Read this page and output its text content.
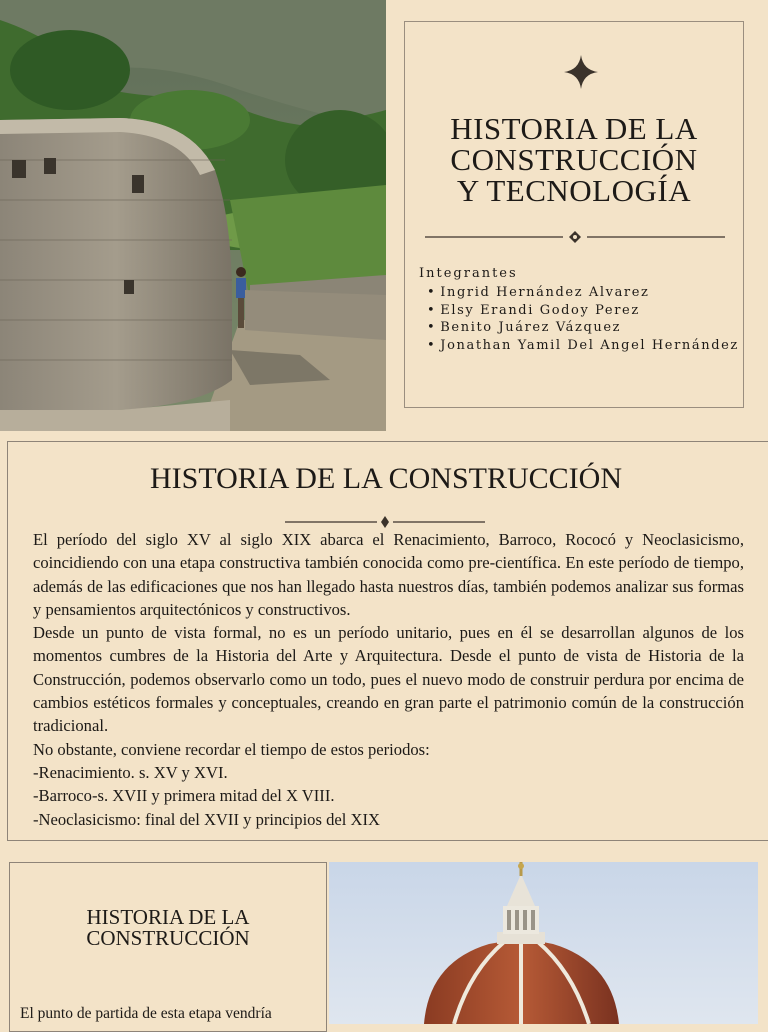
HISTORIA DE LA
CONSTRUCCIÓN
Y TECNOLOGÍA
Integrantes
• Ingrid Hernández Alvarez
• Elsy Erandi Godoy Perez
• Benito Juárez Vázquez
• Jonathan Yamil Del Angel Hernández
HISTORIA DE LA CONSTRUCCIÓN

El período del siglo XV al siglo XIX abarca el Renacimiento, Barroco, Rococó y Neoclasicismo, coincidiendo con una etapa constructiva también conocida como pre-científica. En este período de tiempo, además de las edificaciones que nos han llegado hasta nuestros días, también podemos analizar sus formas y pensamientos arquitectónicos y constructivos.

Desde un punto de vista formal, no es un período unitario, pues en él se desarrollan algunos de los momentos cumbres de la Historia del Arte y Arquitectura. Desde el punto de vista de Historia de la Construcción, podemos observarlo como un todo, pues el nuevo modo de construir perdura por encima de cambios estéticos formales y conceptuales, creando en gran parte el patrimonio común de la construcción tradicional.

No obstante, conviene recordar el tiempo de estos periodos:

-Renacimiento. s. XV y XVI.

-Barroco-s. XVII y primera mitad del X VIII.

-Neoclasicismo: final del XVII y principios del XIX

HISTORIA DE LA
CONSTRUCCIÓN
El punto de partida de esta etapa vendría
